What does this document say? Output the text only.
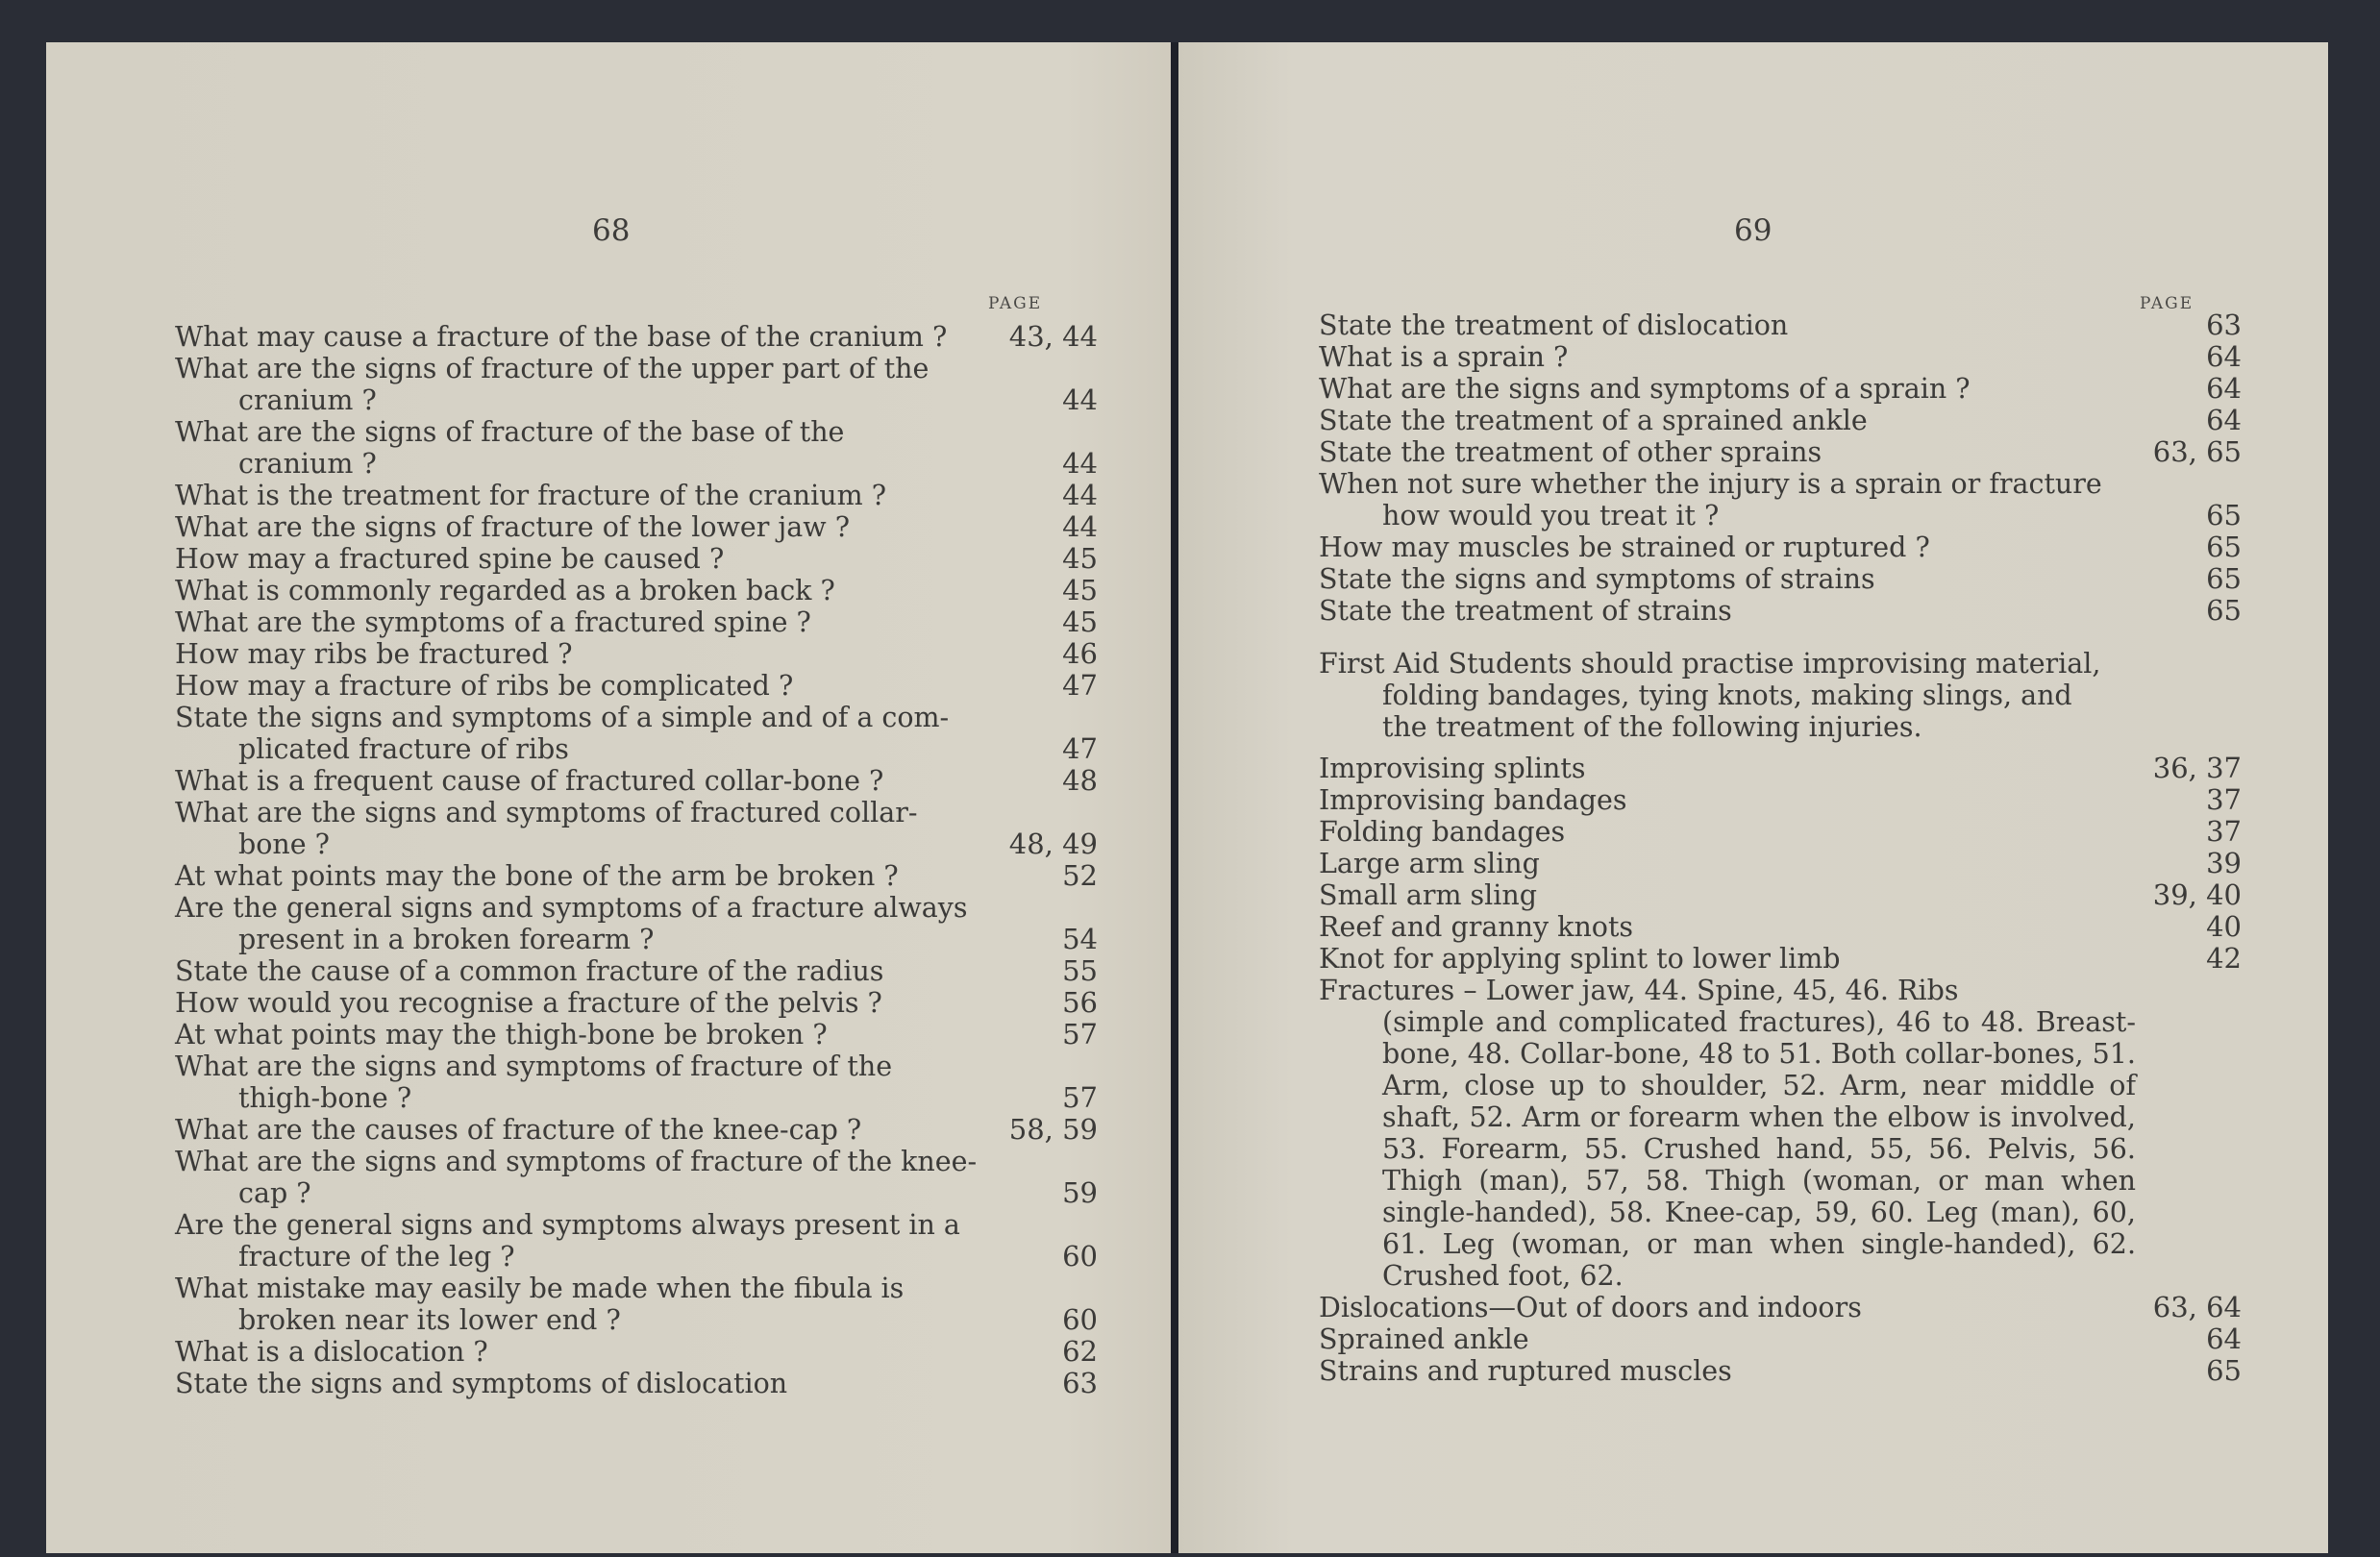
68
PAGE
What may cause a fracture of the base of the cranium ?	43, 44
What are the signs of fracture of the upper part of the
cranium ?	44
What are the signs of fracture of the base of the
cranium ?	44
What is the treatment for fracture of the cranium ?	44
What are the signs of fracture of the lower jaw ?	44
How may a fractured spine be caused ?	45
What is commonly regarded as a broken back ?	45
What are the symptoms of a fractured spine ?	45
How may ribs be fractured ?	46
How may a fracture of ribs be complicated ?	47
State the signs and symptoms of a simple and of a com-
plicated fracture of ribs	47
What is a frequent cause of fractured collar-bone ?	48
What are the signs and symptoms of fractured collar-
bone ?	48, 49
At what points may the bone of the arm be broken ?	52
Are the general signs and symptoms of a fracture always
present in a broken forearm ?	54
State the cause of a common fracture of the radius	55
How would you recognise a fracture of the pelvis ?	56
At what points may the thigh-bone be broken ?	57
What are the signs and symptoms of fracture of the
thigh-bone ?	57
What are the causes of fracture of the knee-cap ?	58, 59
What are the signs and symptoms of fracture of the knee-
cap ?	59
Are the general signs and symptoms always present in a
fracture of the leg ?	60
What mistake may easily be made when the fibula is
broken near its lower end ?	60
What is a dislocation ?	62
State the signs and symptoms of dislocation	63
69
PAGE
State the treatment of dislocation	63
What is a sprain ?	64
What are the signs and symptoms of a sprain ?	64
State the treatment of a sprained ankle	64
State the treatment of other sprains	63, 65
When not sure whether the injury is a sprain or fracture
how would you treat it ?	65
How may muscles be strained or ruptured ?	65
State the signs and symptoms of strains	65
State the treatment of strains	65
First Aid Students should practise improvising material,
folding bandages, tying knots, making slings, and
the treatment of the following injuries.
Improvising splints	36, 37
Improvising bandages	37
Folding bandages	37
Large arm sling	39
Small arm sling	39, 40
Reef and granny knots	40
Knot for applying splint to lower limb	42
Fractures – Lower jaw, 44. Spine, 45, 46. Ribs
(simple and complicated fractures), 46 to 48. Breast-bone, 48. Collar-bone, 48 to 51. Both collar-bones, 51. Arm, close up to shoulder, 52. Arm, near middle of shaft, 52. Arm or forearm when the elbow is involved, 53. Forearm, 55. Crushed hand, 55, 56. Pelvis, 56. Thigh (man), 57, 58. Thigh (woman, or man when single-handed), 58. Knee-cap, 59, 60. Leg (man), 60, 61. Leg (woman, or man when single-handed), 62. Crushed foot, 62.
Dislocations—Out of doors and indoors	63, 64
Sprained ankle	64
Strains and ruptured muscles	65
